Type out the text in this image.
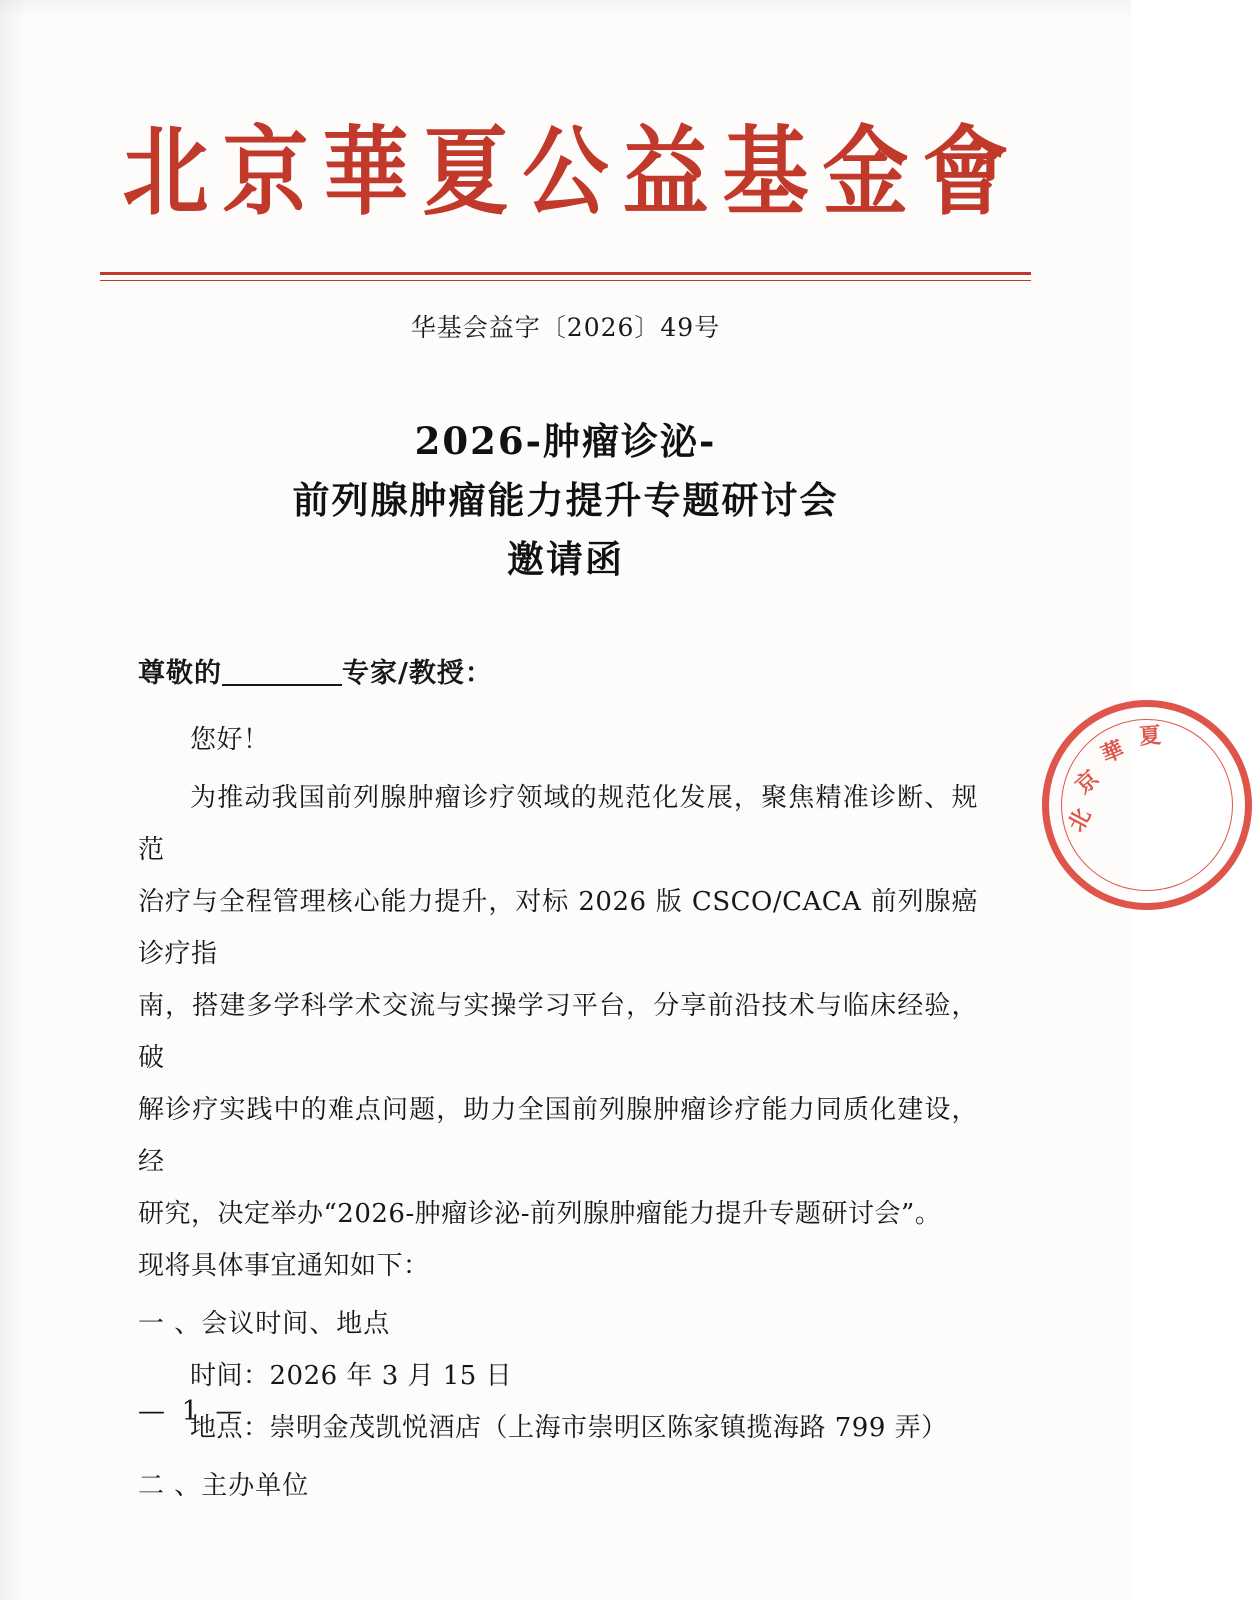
北京華夏公益基金會
华基会益字〔2026〕49号
2026-肿瘤诊泌-
前列腺肿瘤能力提升专题研讨会
邀请函
尊敬的	专家/教授：
您好！
为推动我国前列腺肿瘤诊疗领域的规范化发展，聚焦精准诊断、规范
治疗与全程管理核心能力提升，对标 2026 版 CSCO/CACA 前列腺癌诊疗指
南，搭建多学科学术交流与实操学习平台，分享前沿技术与临床经验，破
解诊疗实践中的难点问题，助力全国前列腺肿瘤诊疗能力同质化建设，经
研究，决定举办“2026-肿瘤诊泌-前列腺肿瘤能力提升专题研讨会”。
现将具体事宜通知如下：
一 、会议时间、地点
时间：2026 年 3 月 15 日
地点：崇明金茂凯悦酒店（上海市崇明区陈家镇揽海路 799 弄）
二 、主办单位
北
京
華 夏
— 1 —
